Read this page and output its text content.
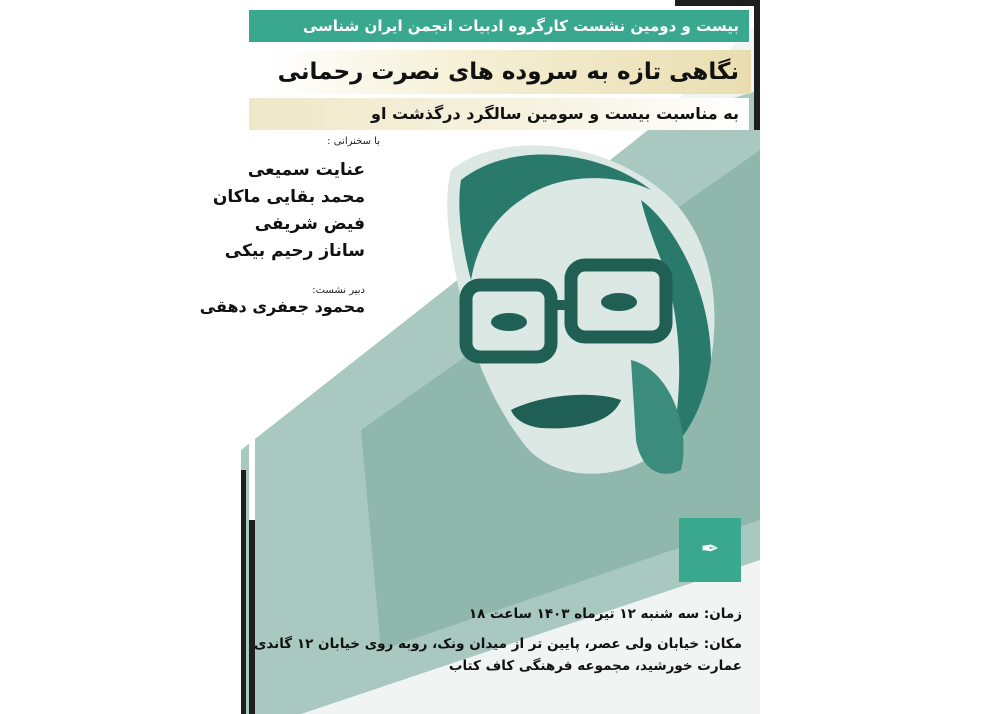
بیست و دومین نشست کارگروه ادبیات انجمن ایران شناسی
نگاهی تازه به سروده های نصرت رحمانی
به مناسبت بیست و سومین سالگرد درگذشت او
با سخنرانی :
عنایت سمیعی
محمد بقایی ماکان
فیض شریفی
ساناز رحیم بیکی
دبیر نشست:
محمود جعفری دهقی
✒
زمان: سه شنبه ۱۲ تیرماه ۱۴۰۳ ساعت ۱۸
مکان: خیابان ولی عصر، پایین تر از میدان ونک، روبه روی خیابان ۱۲ گاندی
عمارت خورشید، مجموعه فرهنگی کاف کتاب
